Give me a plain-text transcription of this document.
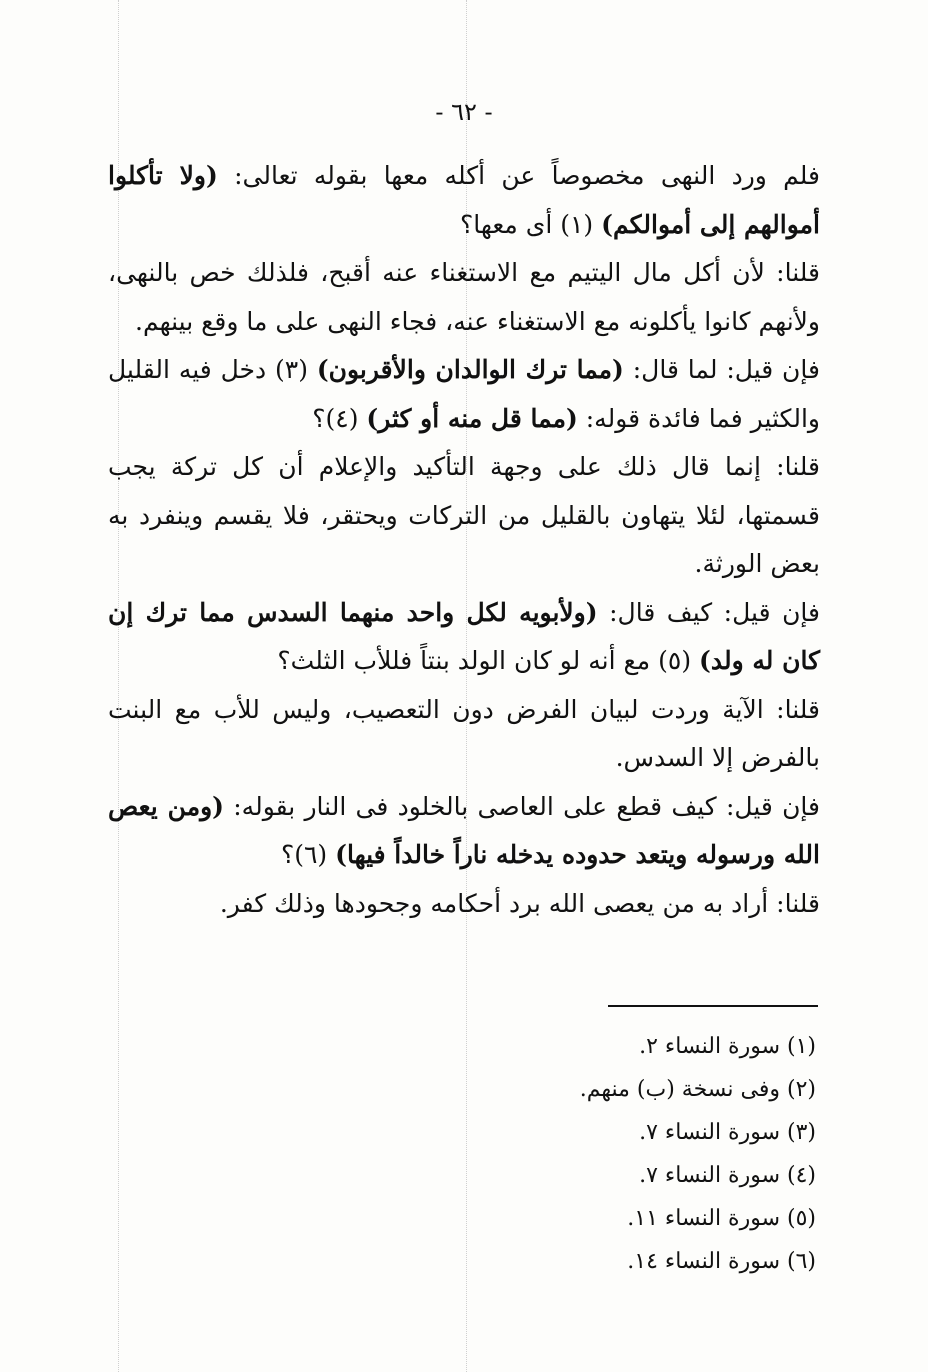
- ٦٢ -

فلم ورد النهى مخصوصاً عن أكله معها بقوله تعالى: (ولا تأكلوا أموالهم إلى أموالكم) (١) أى معها؟

قلنا: لأن أكل مال اليتيم مع الاستغناء عنه أقبح، فلذلك خص بالنهى، ولأنهم كانوا يأكلونه مع الاستغناء عنه، فجاء النهى على ما وقع بينهم.

فإن قيل: لما قال: (مما ترك الوالدان والأقربون) (٣) دخل فيه القليل والكثير فما فائدة قوله: (مما قل منه أو كثر) (٤)؟

قلنا: إنما قال ذلك على وجهة التأكيد والإعلام أن كل تركة يجب قسمتها، لئلا يتهاون بالقليل من التركات ويحتقر، فلا يقسم وينفرد به بعض الورثة.

فإن قيل: كيف قال: (ولأبويه لكل واحد منهما السدس مما ترك إن كان له ولد) (٥) مع أنه لو كان الولد بنتاً فللأب الثلث؟

قلنا: الآية وردت لبيان الفرض دون التعصيب، وليس للأب مع البنت بالفرض إلا السدس.

فإن قيل: كيف قطع على العاصى بالخلود فى النار بقوله: (ومن يعص الله ورسوله ويتعد حدوده يدخله ناراً خالداً فيها) (٦)؟

قلنا: أراد به من يعصى الله برد أحكامه وجحودها وذلك كفر.

(١) سورة النساء ٢.

(٢) وفى نسخة (ب) منهم.

(٣) سورة النساء ٧.

(٤) سورة النساء ٧.

(٥) سورة النساء ١١.

(٦) سورة النساء ١٤.
